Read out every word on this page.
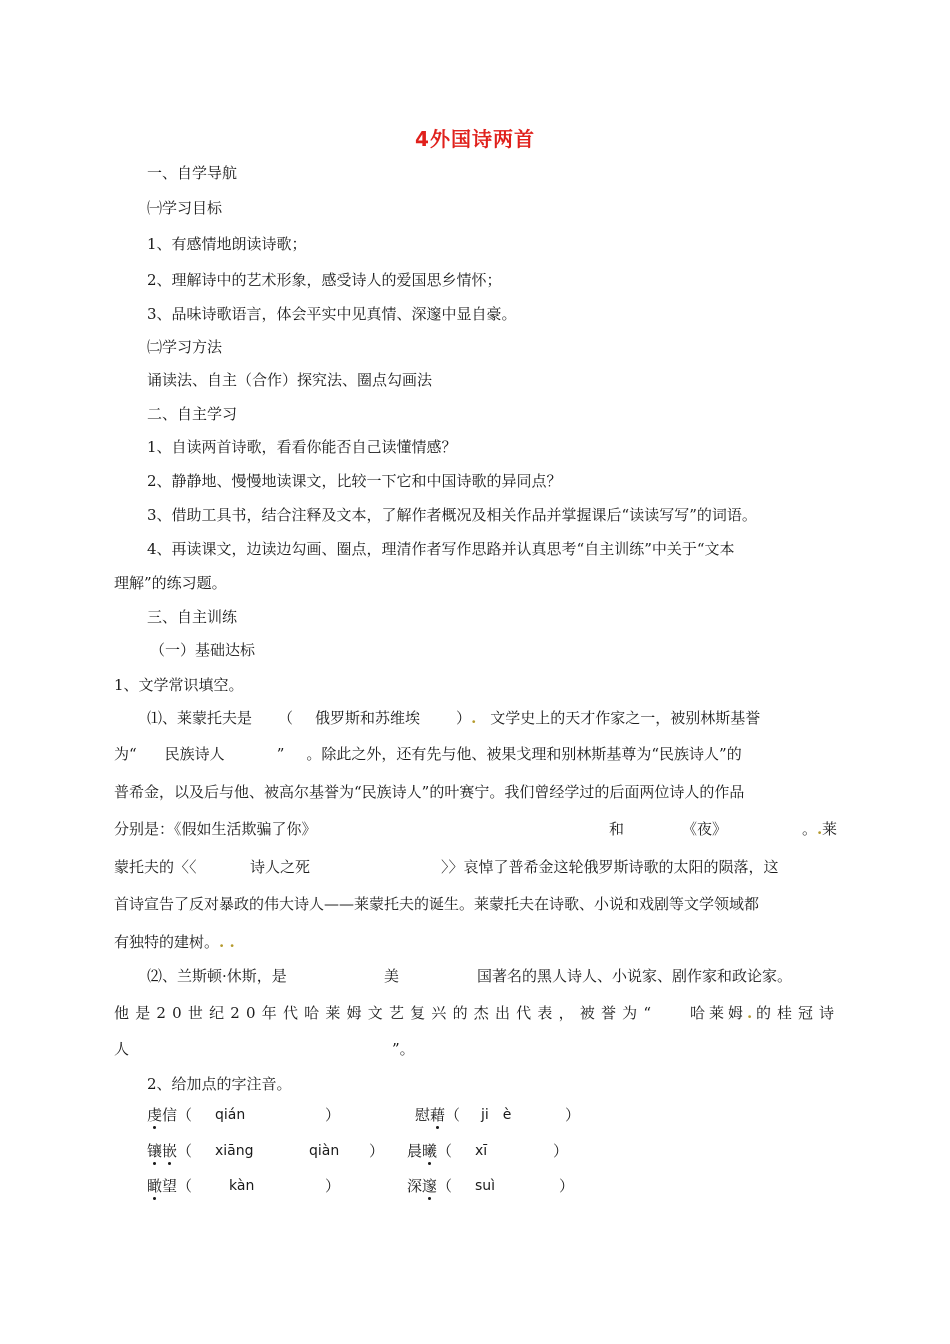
4外国诗两首
一、自学导航
㈠学习目标
1、有感情地朗读诗歌；
2、理解诗中的艺术形象，感受诗人的爱国思乡情怀；
3、品味诗歌语言，体会平实中见真情、深邃中显自豪。
㈡学习方法
诵读法、自主（合作）探究法、圈点勾画法
二、自主学习
1、自读两首诗歌，看看你能否自己读懂情感？
2、静静地、慢慢地读课文，比较一下它和中国诗歌的异同点？
3、借助工具书，结合注释及文本，了解作者概况及相关作品并掌握课后“读读写写”的词语。
4、再读课文，边读边勾画、圈点，理清作者写作思路并认真思考“自主训练”中关于“文本
理解”的练习题。
三、自主训练
（一）基础达标
1、文学常识填空。
⑴、莱蒙托夫是 （ 俄罗斯和苏维埃 ）. 文学史上的天才作家之一，被别林斯基誉
为“ 民族诗人	” 。除此之外，还有先与他、被果戈理和别林斯基尊为“民族诗人”的
普希金，以及后与他、被高尔基誉为“民族诗人”的叶赛宁。我们曾经学过的后面两位诗人的作品
分别是：《假如生活欺骗了你》	和	《夜》	。 . 莱
蒙托夫的〈〈	诗人之死	〉〉哀悼了普希金这轮俄罗斯诗歌的太阳的陨落，这
首诗宣告了反对暴政的伟大诗人——莱蒙托夫的诞生。莱蒙托夫在诗歌、小说和戏剧等文学领域都
有独特的建树。. .
⑵、兰斯顿·休斯，是	美	国著名的黑人诗人、小说家、剧作家和政论家。
他是20世纪20年代哈莱姆文艺复兴的杰出代表，被誉为“ 哈莱姆 . 的桂冠诗
人	”。
2、给加点的字注音。
虔信（ qián	）	慰藉（ ji　è	）
镶嵌（ xiāng	qiàn ） 晨曦（ xī	）
瞰望（	kàn	）	深邃（ suì	）
